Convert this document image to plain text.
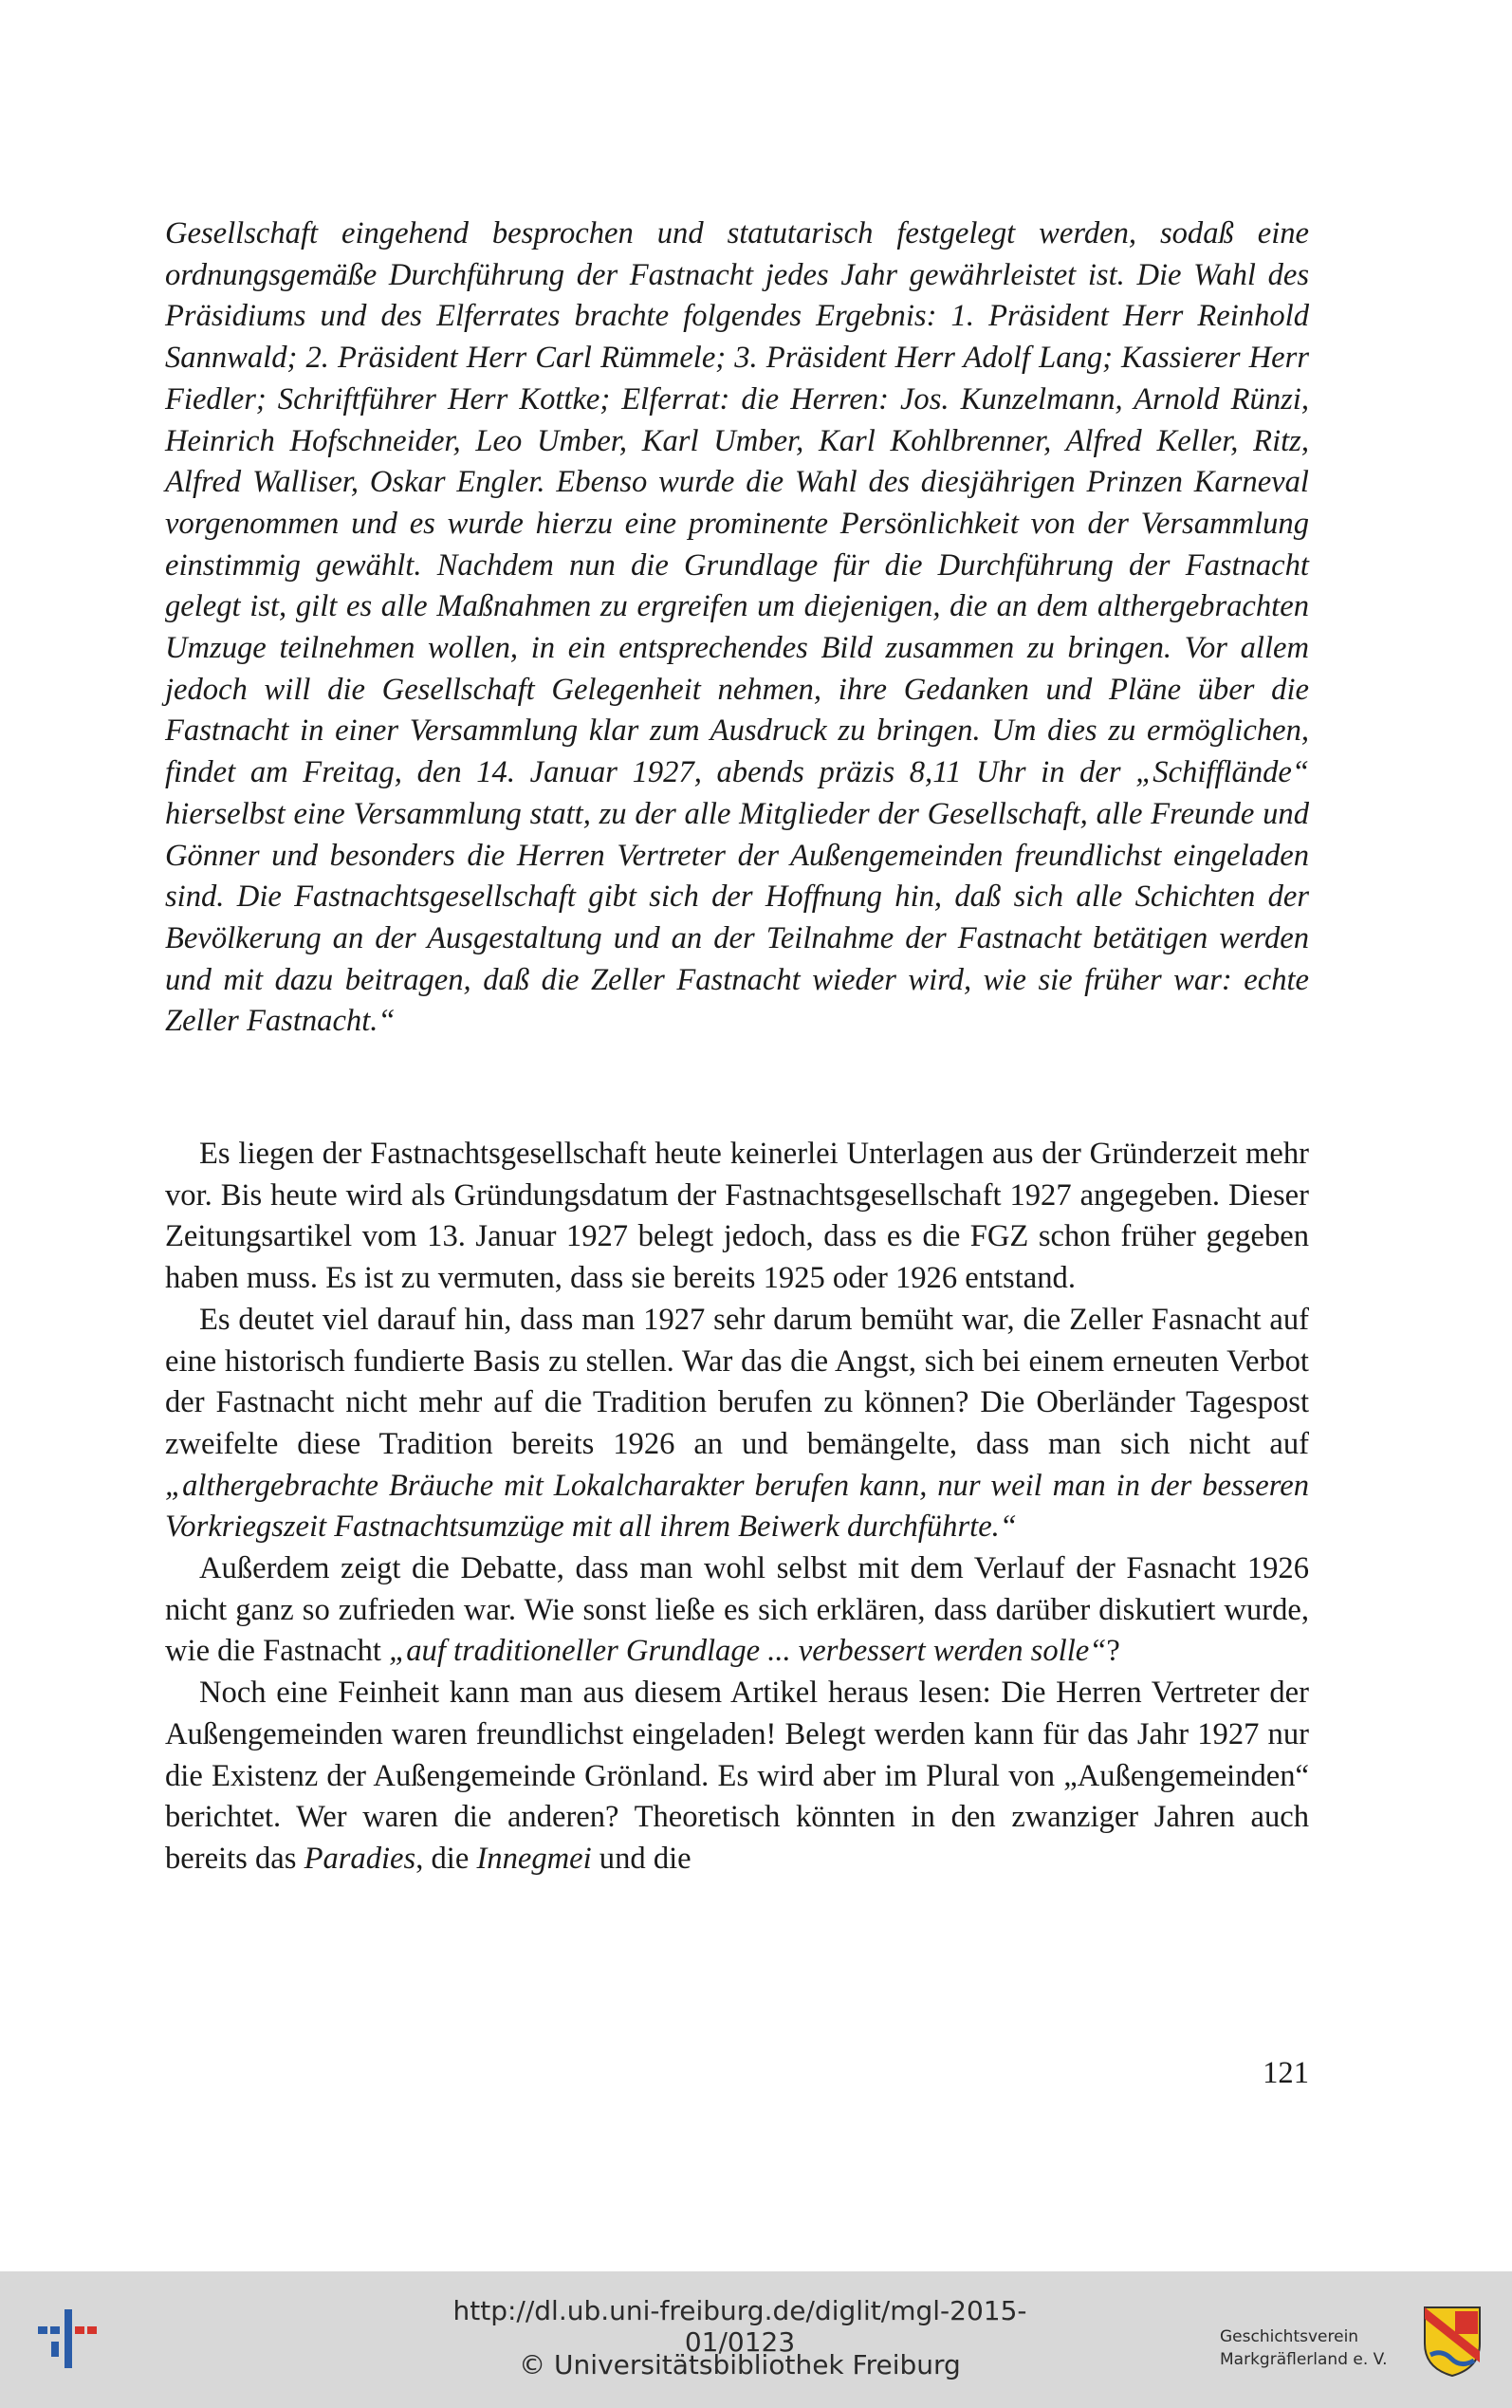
Gesellschaft eingehend besprochen und statutarisch festgelegt werden, sodaß eine ordnungsgemäße Durchführung der Fastnacht jedes Jahr gewährleistet ist. Die Wahl des Präsidiums und des Elferrates brachte folgendes Ergebnis: 1. Präsident Herr Reinhold Sannwald; 2. Präsident Herr Carl Rümmele; 3. Präsident Herr Adolf Lang; Kassierer Herr Fiedler; Schriftführer Herr Kottke; Elferrat: die Herren: Jos. Kunzelmann, Arnold Rünzi, Heinrich Hofschneider, Leo Umber, Karl Umber, Karl Kohlbrenner, Alfred Keller, Ritz, Alfred Walliser, Oskar Engler. Ebenso wurde die Wahl des diesjährigen Prinzen Karneval vorgenommen und es wurde hierzu eine prominente Persönlichkeit von der Versammlung einstimmig gewählt. Nachdem nun die Grundlage für die Durchführung der Fastnacht gelegt ist, gilt es alle Maßnahmen zu ergreifen um diejenigen, die an dem althergebrachten Umzuge teilnehmen wollen, in ein entsprechendes Bild zusammen zu bringen. Vor allem jedoch will die Gesellschaft Gelegenheit nehmen, ihre Gedanken und Pläne über die Fastnacht in einer Versammlung klar zum Ausdruck zu bringen. Um dies zu ermöglichen, findet am Freitag, den 14. Januar 1927, abends präzis 8,11 Uhr in der „Schifflände“ hierselbst eine Versammlung statt, zu der alle Mitglieder der Gesellschaft, alle Freunde und Gönner und besonders die Herren Vertreter der Außengemeinden freundlichst eingeladen sind. Die Fastnachtsgesellschaft gibt sich der Hoffnung hin, daß sich alle Schichten der Bevölkerung an der Ausgestaltung und an der Teilnahme der Fastnacht betätigen werden und mit dazu beitragen, daß die Zeller Fastnacht wieder wird, wie sie früher war: echte Zeller Fastnacht.“

Es liegen der Fastnachtsgesellschaft heute keinerlei Unterlagen aus der Gründerzeit mehr vor. Bis heute wird als Gründungsdatum der Fastnachtsgesellschaft 1927 angegeben. Dieser Zeitungsartikel vom 13. Januar 1927 belegt jedoch, dass es die FGZ schon früher gegeben haben muss. Es ist zu vermuten, dass sie bereits 1925 oder 1926 entstand.

Es deutet viel darauf hin, dass man 1927 sehr darum bemüht war, die Zeller Fasnacht auf eine historisch fundierte Basis zu stellen. War das die Angst, sich bei einem erneuten Verbot der Fastnacht nicht mehr auf die Tradition berufen zu können? Die Oberländer Tagespost zweifelte diese Tradition bereits 1926 an und bemängelte, dass man sich nicht auf „althergebrachte Bräuche mit Lokalcharakter berufen kann, nur weil man in der besseren Vorkriegszeit Fastnachtsumzüge mit all ihrem Beiwerk durchführte.“

Außerdem zeigt die Debatte, dass man wohl selbst mit dem Verlauf der Fasnacht 1926 nicht ganz so zufrieden war. Wie sonst ließe es sich erklären, dass darüber diskutiert wurde, wie die Fastnacht „auf traditioneller Grundlage ... verbessert werden solle“?

Noch eine Feinheit kann man aus diesem Artikel heraus lesen: Die Herren Vertreter der Außengemeinden waren freundlichst eingeladen! Belegt werden kann für das Jahr 1927 nur die Existenz der Außengemeinde Grönland. Es wird aber im Plural von „Außengemeinden“ berichtet. Wer waren die anderen? Theoretisch könnten in den zwanziger Jahren auch bereits das Paradies, die Innegmei und die

121
http://dl.ub.uni-freiburg.de/diglit/mgl-2015-01/0123
© Universitätsbibliothek Freiburg
Geschichtsverein
Markgräflerland e. V.
